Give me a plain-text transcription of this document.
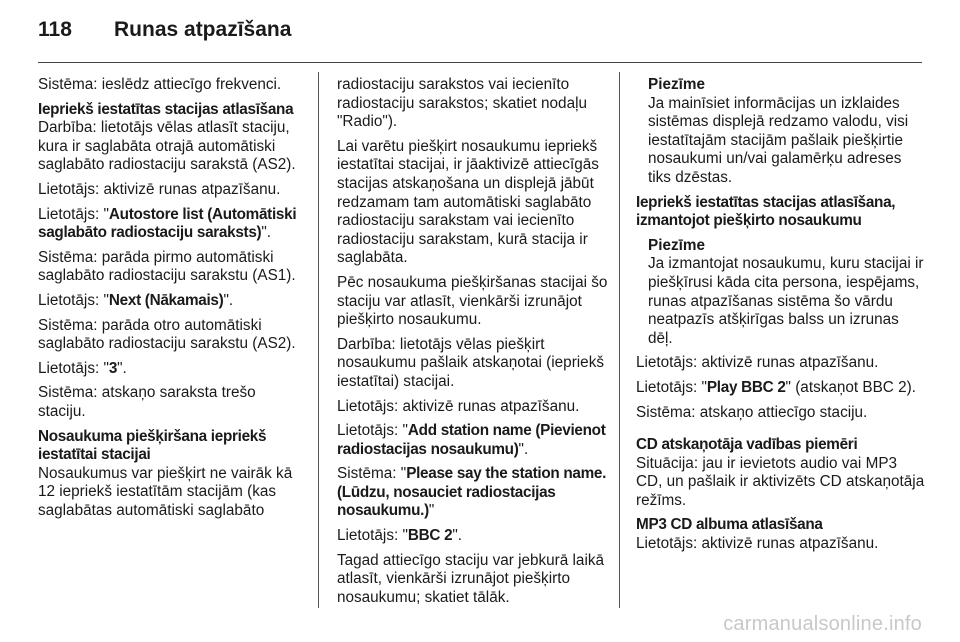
118	Runas atpazīšana

Sistēma: ieslēdz attiecīgo frekvenci.

Iepriekš iestatītas stacijas atlasīšana

Darbība: lietotājs vēlas atlasīt staciju, kura ir saglabāta otrajā automātiski saglabāto radiostaciju sarakstā (AS2).

Lietotājs: aktivizē runas atpazīšanu.

Lietotājs: "Autostore list (Automātiski saglabāto radiostaciju saraksts)".

Sistēma: parāda pirmo automātiski saglabāto radiostaciju sarakstu (AS1).

Lietotājs: "Next (Nākamais)".

Sistēma: parāda otro automātiski saglabāto radiostaciju sarakstu (AS2).

Lietotājs: "3".

Sistēma: atskaņo saraksta trešo staciju.

Nosaukuma piešķiršana iepriekš iestatītai stacijai

Nosaukumus var piešķirt ne vairāk kā 12 iepriekš iestatītām stacijām (kas saglabātas automātiski saglabāto

radiostaciju sarakstos vai iecienīto radiostaciju sarakstos; skatiet nodaļu "Radio").

Lai varētu piešķirt nosaukumu iepriekš iestatītai stacijai, ir jāaktivizē attiecīgās stacijas atskaņošana un displejā jābūt redzamam tam automātiski saglabāto radiostaciju sarakstam vai iecienīto radiostaciju sarakstam, kurā stacija ir saglabāta.

Pēc nosaukuma piešķiršanas stacijai šo staciju var atlasīt, vienkārši izrunājot piešķirto nosaukumu.

Darbība: lietotājs vēlas piešķirt nosaukumu pašlaik atskaņotai (iepriekš iestatītai) stacijai.

Lietotājs: aktivizē runas atpazīšanu.

Lietotājs: "Add station name (Pievienot radiostacijas nosaukumu)".

Sistēma: "Please say the station name. (Lūdzu, nosauciet radiostacijas nosaukumu.)"

Lietotājs: "BBC 2".

Tagad attiecīgo staciju var jebkurā laikā atlasīt, vienkārši izrunājot piešķirto nosaukumu; skatiet tālāk.

Piezīme

Ja mainīsiet informācijas un izklaides sistēmas displejā redzamo valodu, visi iestatītajām stacijām pašlaik piešķirtie nosaukumi un/vai galamērķu adreses tiks dzēstas.

Iepriekš iestatītas stacijas atlasīšana, izmantojot piešķirto nosaukumu

Piezīme

Ja izmantojat nosaukumu, kuru stacijai ir piešķīrusi kāda cita persona, iespējams, runas atpazīšanas sistēma šo vārdu neatpazīs atšķirīgas balss un izrunas dēļ.

Lietotājs: aktivizē runas atpazīšanu.

Lietotājs: "Play BBC 2" (atskaņot BBC 2).

Sistēma: atskaņo attiecīgo staciju.

CD atskaņotāja vadības piemēri

Situācija: jau ir ievietots audio vai MP3 CD, un pašlaik ir aktivizēts CD atskaņotāja režīms.

MP3 CD albuma atlasīšana

Lietotājs: aktivizē runas atpazīšanu.

carmanualsonline.info
